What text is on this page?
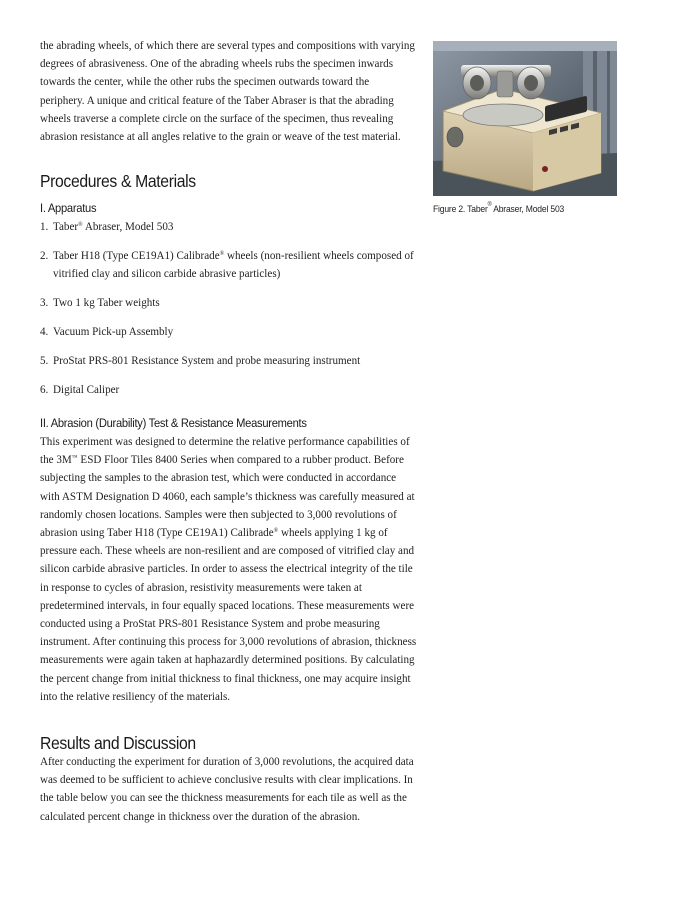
the abrading wheels, of which there are several types and compositions with varying degrees of abrasiveness. One of the abrading wheels rubs the specimen inwards towards the center, while the other rubs the specimen outwards toward the periphery. A unique and critical feature of the Taber Abraser is that the abrading wheels traverse a complete circle on the surface of the specimen, thus revealing abrasion resistance at all angles relative to the grain or weave of the test material.

Procedures & Materials
I. Apparatus
1. Taber® Abraser, Model 503
2. Taber H18 (Type CE19A1) Calibrade® wheels (non-resilient wheels composed of vitrified clay and silicon carbide abrasive particles)
3. Two 1 kg Taber weights
4. Vacuum Pick-up Assembly
5. ProStat PRS-801 Resistance System and probe measuring instrument
6. Digital Caliper
II. Abrasion (Durability) Test & Resistance Measurements

This experiment was designed to determine the relative performance capabilities of the 3M™ ESD Floor Tiles 8400 Series when compared to a rubber product. Before subjecting the samples to the abrasion test, which were conducted in accordance with ASTM Designation D 4060, each sample’s thickness was carefully measured at randomly chosen locations. Samples were then subjected to 3,000 revolutions of abrasion using Taber H18 (Type CE19A1) Calibrade® wheels applying 1 kg of pressure each. These wheels are non-resilient and are composed of vitrified clay and silicon carbide abrasive particles. In order to assess the electrical integrity of the tile in response to cycles of abrasion, resistivity measurements were taken at predetermined intervals, in four equally spaced locations. These measurements were conducted using a ProStat PRS-801 Resistance System and probe measuring instrument. After continuing this process for 3,000 revolutions of abrasion, thickness measurements were again taken at haphazardly determined positions. By calculating the percent change from initial thickness to final thickness, one may acquire insight into the relative resiliency of the materials.

Results and Discussion

After conducting the experiment for duration of 3,000 revolutions, the acquired data was deemed to be sufficient to achieve conclusive results with clear implications. In the table below you can see the thickness measurements for each tile as well as the calculated percent change in thickness over the duration of the abrasion.

Figure 2. Taber® Abraser, Model 503
